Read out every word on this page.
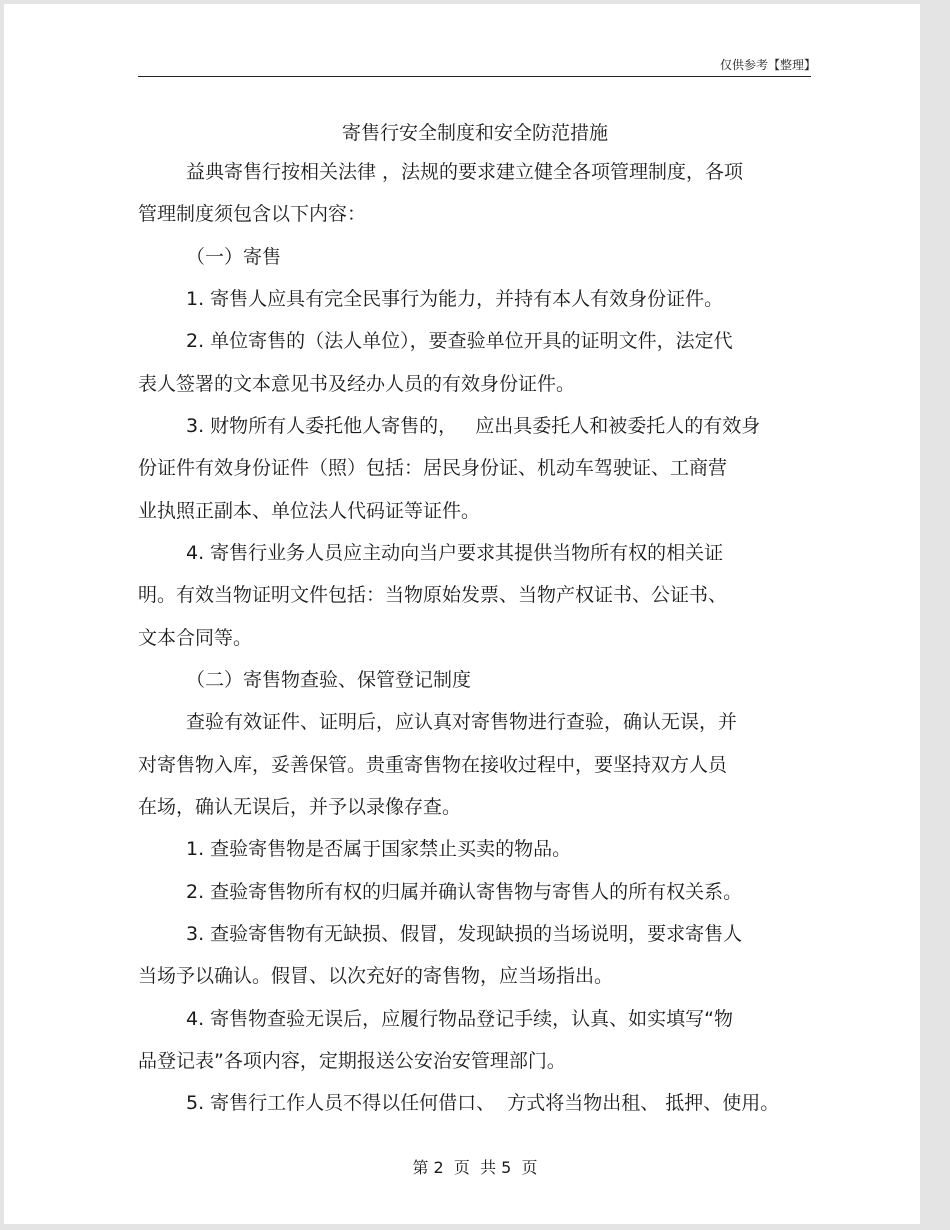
仅供参考【整理】
寄售行安全制度和安全防范措施
益典寄售行按相关法律 ，法规的要求建立健全各项管理制度，各项
管理制度须包含以下内容：
（一）寄售
1. 寄售人应具有完全民事行为能力，并持有本人有效身份证件。
2. 单位寄售的（法人单位），要查验单位开具的证明文件，法定代
表人签署的文本意见书及经办人员的有效身份证件。
3. 财物所有人委托他人寄售的，   应出具委托人和被委托人的有效身
份证件有效身份证件（照）包括：居民身份证、机动车驾驶证、工商营
业执照正副本、单位法人代码证等证件。
4. 寄售行业务人员应主动向当户要求其提供当物所有权的相关证
明。有效当物证明文件包括：当物原始发票、当物产权证书、公证书、
文本合同等。
（二）寄售物查验、保管登记制度
查验有效证件、证明后，应认真对寄售物进行查验，确认无误，并
对寄售物入库，妥善保管。贵重寄售物在接收过程中，要坚持双方人员
在场，确认无误后，并予以录像存查。
1. 查验寄售物是否属于国家禁止买卖的物品。
2. 查验寄售物所有权的归属并确认寄售物与寄售人的所有权关系。
3. 查验寄售物有无缺损、假冒，发现缺损的当场说明，要求寄售人
当场予以确认。假冒、以次充好的寄售物，应当场指出。
4. 寄售物查验无误后，应履行物品登记手续，认真、如实填写“物
品登记表”各项内容，定期报送公安治安管理部门。
5. 寄售行工作人员不得以任何借口、  方式将当物出租、 抵押、使用。
第 2  页  共 5  页
